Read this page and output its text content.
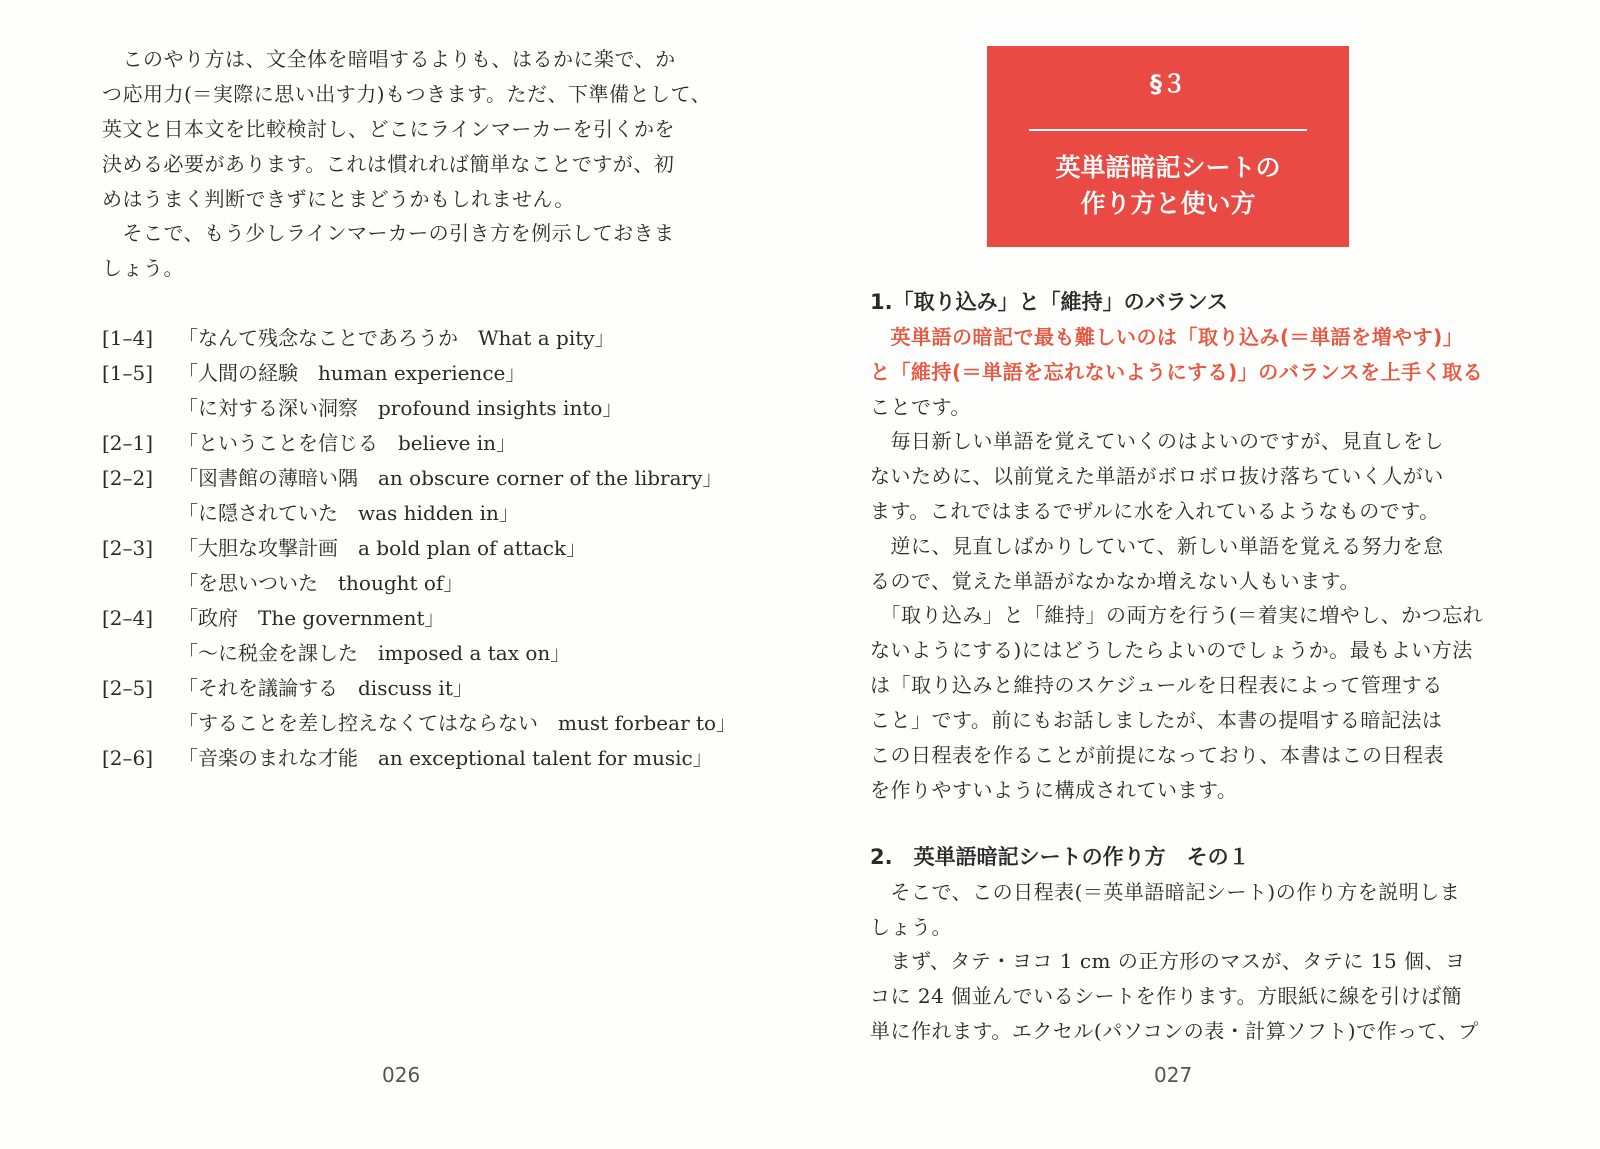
　このやり方は、文全体を暗唱するよりも、はるかに楽で、か
つ応用力(＝実際に思い出す力)もつきます。ただ、下準備として、
英文と日本文を比較検討し、どこにラインマーカーを引くかを
決める必要があります。これは慣れれば簡単なことですが、初
めはうまく判断できずにとまどうかもしれません。

　そこで、もう少しラインマーカーの引き方を例示しておきま
しょう。

[1–4]	「なんて残念なことであろうか　What a pity」
[1–5]	「人間の経験　human experience」
「に対する深い洞察　profound insights into」
[2–1]	「ということを信じる　believe in」
[2–2]	「図書館の薄暗い隅　an obscure corner of the library」
「に隠されていた　was hidden in」
[2–3]	「大胆な攻撃計画　a bold plan of attack」
「を思いついた　thought of」
[2–4]	「政府　The government」
「～に税金を課した　imposed a tax on」
[2–5]	「それを議論する　discuss it」
「することを差し控えなくてはならない　must forbear to」
[2–6]	「音楽のまれな才能　an exceptional talent for music」
026
§３
英単語暗記シートの
作り方と使い方
1.「取り込み」と「維持」のバランス

　英単語の暗記で最も難しいのは「取り込み(＝単語を増やす)」
と「維持(＝単語を忘れないようにする)」のバランスを上手く取る
ことです。

　毎日新しい単語を覚えていくのはよいのですが、見直しをし
ないために、以前覚えた単語がボロボロ抜け落ちていく人がい
ます。これではまるでザルに水を入れているようなものです。

　逆に、見直しばかりしていて、新しい単語を覚える努力を怠
るので、覚えた単語がなかなか増えない人もいます。

　「取り込み」と「維持」の両方を行う(＝着実に増やし、かつ忘れ
ないようにする)にはどうしたらよいのでしょうか。最もよい方法
は「取り込みと維持のスケジュールを日程表によって管理する
こと」です。前にもお話しましたが、本書の提唱する暗記法は
この日程表を作ることが前提になっており、本書はこの日程表
を作りやすいように構成されています。

2.　英単語暗記シートの作り方　その１

　そこで、この日程表(＝英単語暗記シート)の作り方を説明しま
しょう。

　まず、タテ・ヨコ 1 cm の正方形のマスが、タテに 15 個、ヨ
コに 24 個並んでいるシートを作ります。方眼紙に線を引けば簡
単に作れます。エクセル(パソコンの表・計算ソフト)で作って、プ

027
